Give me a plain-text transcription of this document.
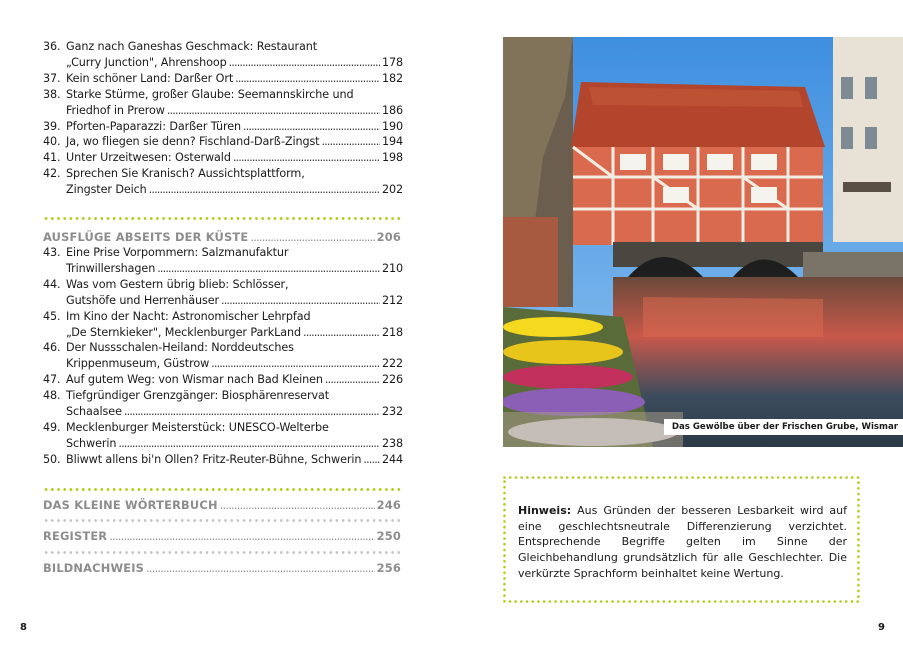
36. Ganz nach Ganeshas Geschmack: Restaurant
„Curry Junction", Ahrenshoop . . .	178
37. Kein schöner Land: Darßer Ort . . .	182
38. Starke Stürme, großer Glaube: Seemannskirche und
Friedhof in Prerow . . .	186
39. Pforten-Paparazzi: Darßer Türen . . .	190
40. Ja, wo fliegen sie denn? Fischland-Darß-Zingst . . .	194
41. Unter Urzeitwesen: Osterwald . . .	198
42. Sprechen Sie Kranisch? Aussichtsplattform,
Zingster Deich . . .	202
AUSFLÜGE ABSEITS DER KÜSTE . . .	206
43. Eine Prise Vorpommern: Salzmanufaktur
Trinwillershagen . . .	210
44. Was vom Gestern übrig blieb: Schlösser,
Gutshöfe und Herrenhäuser . . .	212
45. Im Kino der Nacht: Astronomischer Lehrpfad
„De Sternkieker", Mecklenburger ParkLand . . .	218
46. Der Nussschalen-Heiland: Norddeutsches
Krippenmuseum, Güstrow . . .	222
47. Auf gutem Weg: von Wismar nach Bad Kleinen . . .	226
48. Tiefgründiger Grenzgänger: Biosphärenreservat
Schaalsee . . .	232
49. Mecklenburger Meisterstück: UNESCO-Welterbe
Schwerin . . .	238
50. Bliwwt allens bi'n Ollen? Fritz-Reuter-Bühne, Schwerin . . . 244
DAS KLEINE WÖRTERBUCH . . .	246
REGISTER . . .	250
BILDNACHWEIS . . .	256
8
Das Gewölbe über der Frischen Grube, Wismar
Hinweis: Aus Gründen der besseren Lesbarkeit wird auf eine geschlechtsneutrale Differenzierung verzichtet. Entsprechende Begriffe gelten im Sinne der Gleichbehandlung grundsätzlich für alle Geschlechter. Die verkürzte Sprachform beinhaltet keine Wertung.
9
